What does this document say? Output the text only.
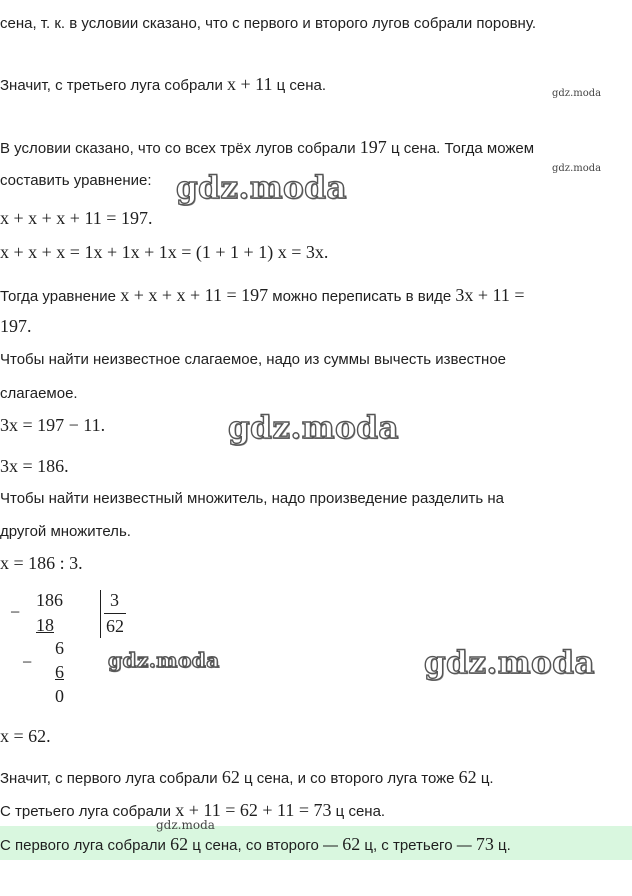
сена, т. к. в условии сказано, что с первого и второго лугов собрали поровну.
Значит, с третьего луга собрали x + 11 ц сена.	gdz.moda
В условии сказано, что со всех трёх лугов собрали 197 ц сена. Тогда можем
gdz.moda
составить уравнение: gdz.moda
x + x + x + 11 = 197.
x + x + x = 1x + 1x + 1x = (1 + 1 + 1) x = 3x.
Тогда уравнение x + x + x + 11 = 197 можно переписать в виде 3x + 11 =
197.
Чтобы найти неизвестное слагаемое, надо из суммы вычесть известное
слагаемое.
3x = 197 − 11.	gdz.moda
3x = 186.
Чтобы найти неизвестный множитель, надо произведение разделить на
другой множитель.
x = 186 : 3.
−
186
18
3
62
−
6
6
0
gdz.moda	gdz.moda
x = 62.
Значит, с первого луга собрали 62 ц сена, и со второго луга тоже 62 ц.
С третьего луга собрали x + 11 = 62 + 11 = 73 ц сена.
gdz.moda
С первого луга собрали 62 ц сена, со второго — 62 ц, с третьего — 73 ц.
